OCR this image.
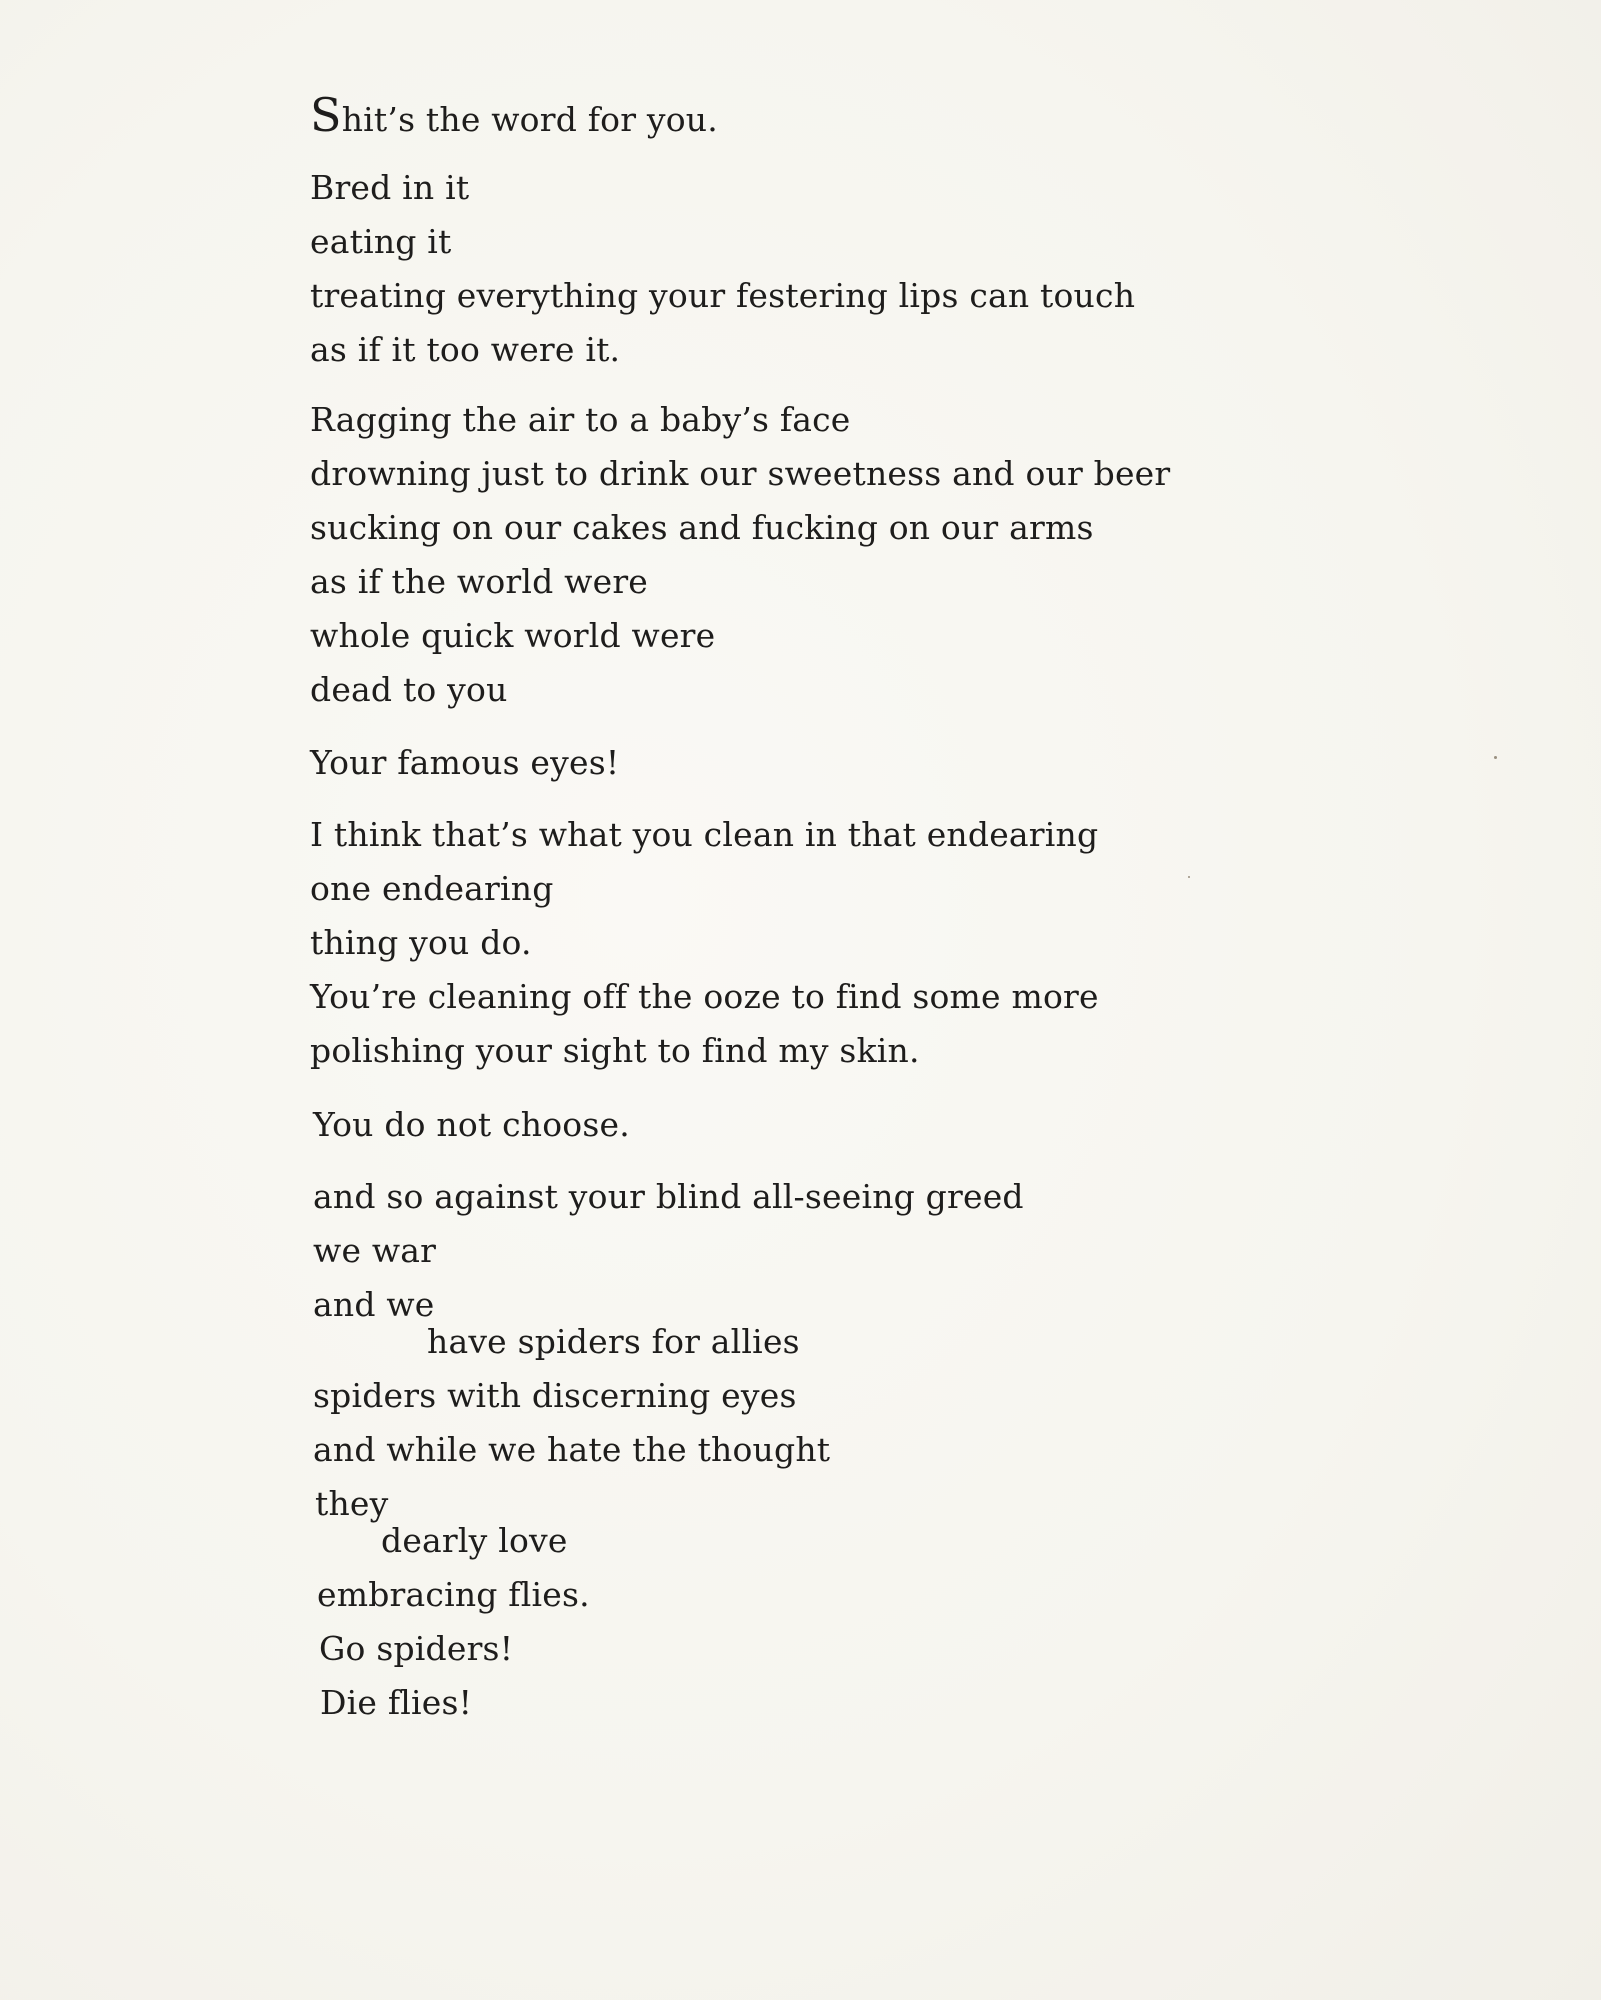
Shit’s the word for you.
Bred in it
eating it
treating everything your festering lips can touch
as if it too were it.
Ragging the air to a baby’s face
drowning just to drink our sweetness and our beer
sucking on our cakes and fucking on our arms
as if the world were
whole quick world were
dead to you
Your famous eyes!
I think that’s what you clean in that endearing
one endearing
thing you do.
You’re cleaning off the ooze to find some more
polishing your sight to find my skin.
You do not choose.
and so against your blind all-seeing greed
we war
and we
have spiders for allies
spiders with discerning eyes
and while we hate the thought
they
dearly love
embracing flies.
Go spiders!
Die flies!
